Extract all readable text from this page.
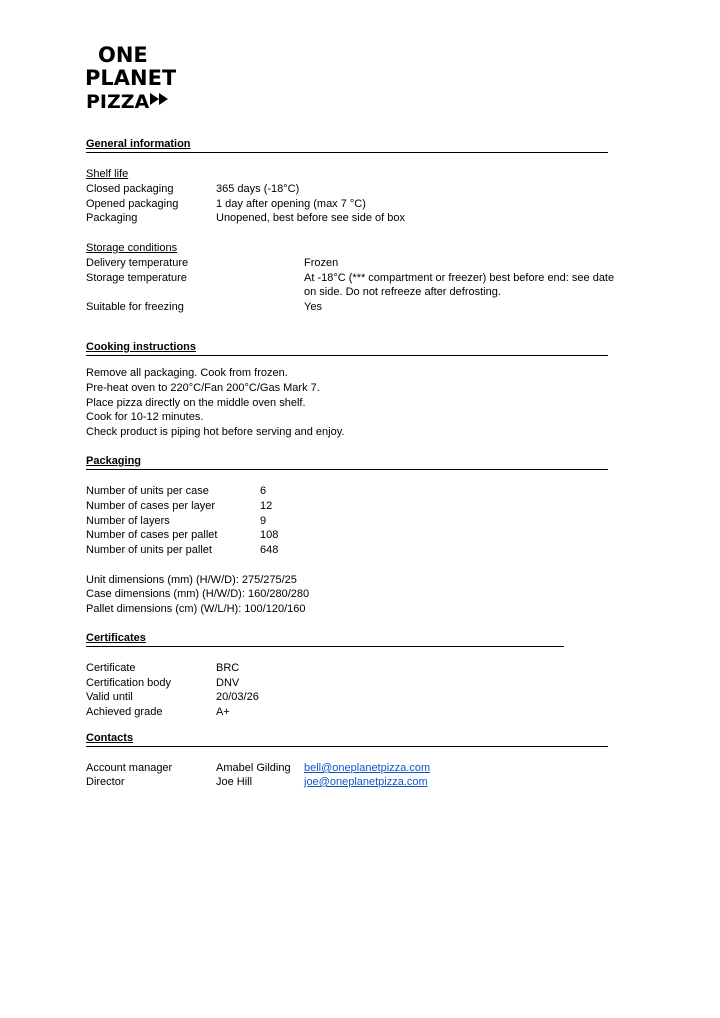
ONE
PLANET
PIZZA
General information
Shelf life
Closed packaging	365 days (-18°C)
Opened packaging	1 day after opening (max 7 °C)
Packaging	Unopened, best before see side of box
Storage conditions
Delivery temperature	Frozen
Storage temperature	At -18°C (*** compartment or freezer) best before end: see date
on side. Do not refreeze after defrosting.
Suitable for freezing	Yes
Cooking instructions
Remove all packaging. Cook from frozen.
Pre-heat oven to 220°C/Fan 200°C/Gas Mark 7.
Place pizza directly on the middle oven shelf.
Cook for 10-12 minutes.
Check product is piping hot before serving and enjoy.
Packaging
Number of units per case	6
Number of cases per layer	12
Number of layers	9
Number of cases per pallet	108
Number of units per pallet	648
Unit dimensions (mm) (H/W/D): 275/275/25
Case dimensions (mm) (H/W/D): 160/280/280
Pallet dimensions (cm) (W/L/H): 100/120/160
Certificates
Certificate	BRC
Certification body	DNV
Valid until	20/03/26
Achieved grade	A+
Contacts
Account manager	Amabel Gilding bell@oneplanetpizza.com
Director	Joe Hill	joe@oneplanetpizza.com
